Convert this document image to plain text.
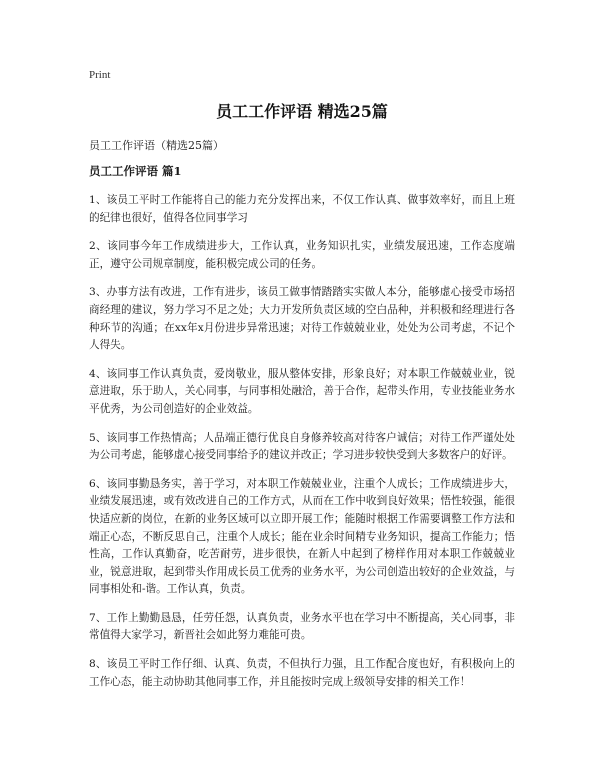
Print
员工工作评语 精选25篇
员工工作评语（精选25篇）
员工工作评语 篇1

1、该员工平时工作能将自己的能力充分发挥出来，不仅工作认真、做事效率好，而且上班的纪律也很好，值得各位同事学习

2、该同事今年工作成绩进步大，工作认真，业务知识扎实，业绩发展迅速，工作态度端正，遵守公司规章制度，能积极完成公司的任务。

3、办事方法有改进，工作有进步，该员工做事情踏踏实实做人本分，能够虚心接受市场招商经理的建议，努力学习不足之处；大力开发所负责区域的空白品种，并积极和经理进行各种环节的沟通；在xx年x月份进步异常迅速；对待工作兢兢业业，处处为公司考虑，不记个人得失。

4、该同事工作认真负责，爱岗敬业，服从整体安排，形象良好；对本职工作兢兢业业，锐意进取，乐于助人，关心同事，与同事相处融洽，善于合作，起带头作用，专业技能业务水平优秀，为公司创造好的企业效益。

5、该同事工作热情高；人品端正德行优良自身修养较高对待客户诚信；对待工作严谨处处为公司考虑，能够虚心接受同事给予的建议并改正；学习进步较快受到大多数客户的好评。

6、该同事勤恳务实，善于学习，对本职工作兢兢业业，注重个人成长；工作成绩进步大，业绩发展迅速，或有效改进自己的工作方式，从而在工作中收到良好效果；悟性较强，能很快适应新的岗位，在新的业务区域可以立即开展工作；能随时根据工作需要调整工作方法和端正心态，不断反思自己，注重个人成长；能在业余时间精专业务知识，提高工作能力；悟性高，工作认真勤奋，吃苦耐劳，进步很快，在新人中起到了榜样作用对本职工作兢兢业业，锐意进取，起到带头作用成长员工优秀的业务水平，为公司创造出较好的企业效益，与同事相处和-谐。工作认真，负责。

7、工作上勤勤恳恳，任劳任怨，认真负责，业务水平也在学习中不断提高，关心同事，非常值得大家学习，新晋社会如此努力难能可贵。

8、该员工平时工作仔细、认真、负责，不但执行力强，且工作配合度也好，有积极向上的工作心态，能主动协助其他同事工作，并且能按时完成上级领导安排的相关工作！
